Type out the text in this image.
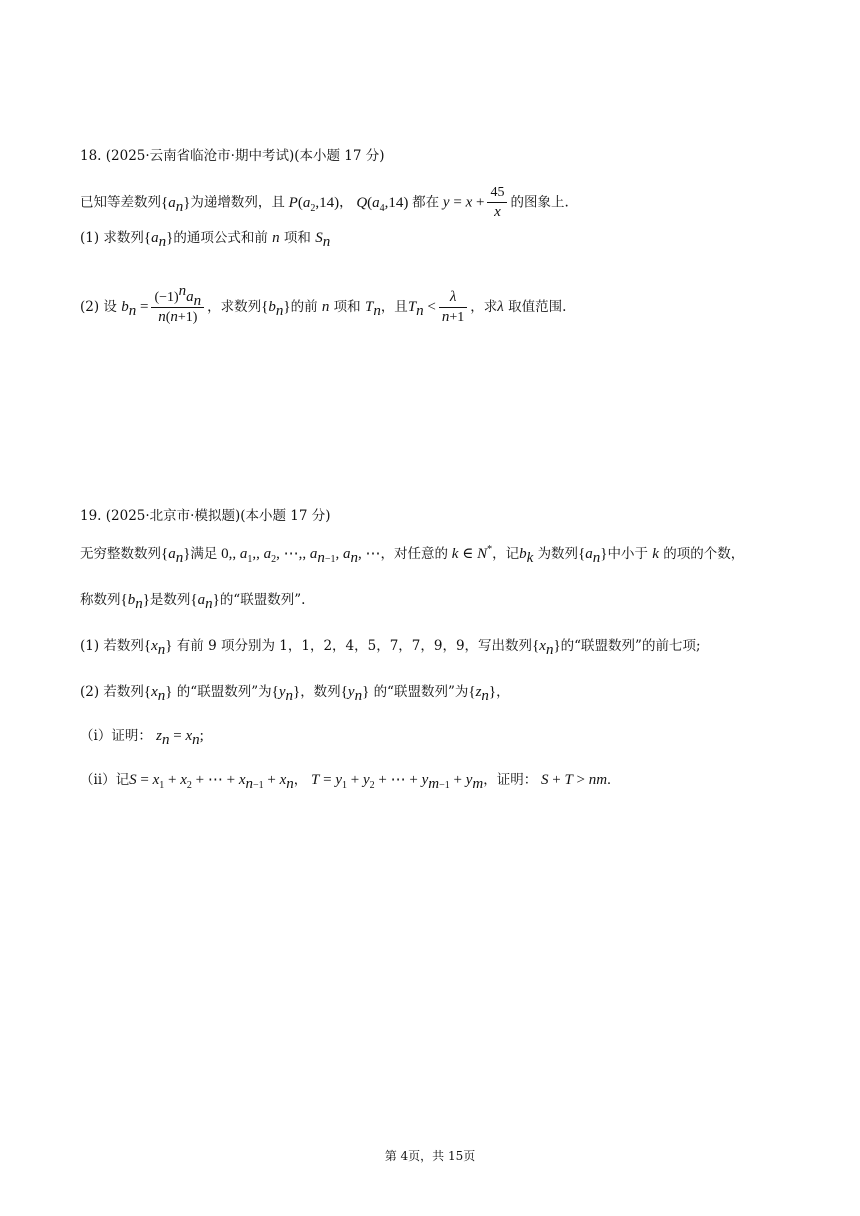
18. (2025·云南省临沧市·期中考试)(本小题 17 分)
已知等差数列$\{a_n\}$为递增数列，且 $P(a_2,14)$， $Q(a_4,14)$ 都在 $y = x + \frac{45}{x}$ 的图象上.
(1) 求数列$\{a_n\}$的通项公式和前 n 项和 $S_n$
(2) 设 $b_n = \frac{(-1)^na_n}{n(n+1)}$ ，求数列$\{b_n\}$的前 n 项和 $T_n$，且$T_n < \frac{\lambda}{n+1}$ ，求λ 取值范围.
19. (2025·北京市·模拟题)(本小题 17 分)
无穷整数数列$\{a_n\}$满足 0,, $a_1$,, $a_2$, ⋯,, $a_{n-1}$, $a_n$, ⋯，对任意的 k ∈ N*，记$b_k$ 为数列$\{a_n\}$中小于 k 的项的个数，
称数列$\{b_n\}$是数列$\{a_n\}$的“联盟数列”.
(1) 若数列$\{x_n\}$ 有前 9 项分别为 1，1，2，4，5，7，7，9，9，写出数列$\{x_n\}$的“联盟数列”的前七项;
(2) 若数列$\{x_n\}$ 的“联盟数列”为$\{y_n\}$，数列$\{y_n\}$ 的“联盟数列”为$\{z_n\}$，
（ⅰ）证明： $z_n = x_n$;
（ⅱ）记$S = x_1 + x_2$ + ⋯ + $x_{n-1} + x_n$， $T = y_1 + y_2$ + ⋯ + $y_{m-1} + y_m$，证明： S + T > nm.
第 4页，共 15页
